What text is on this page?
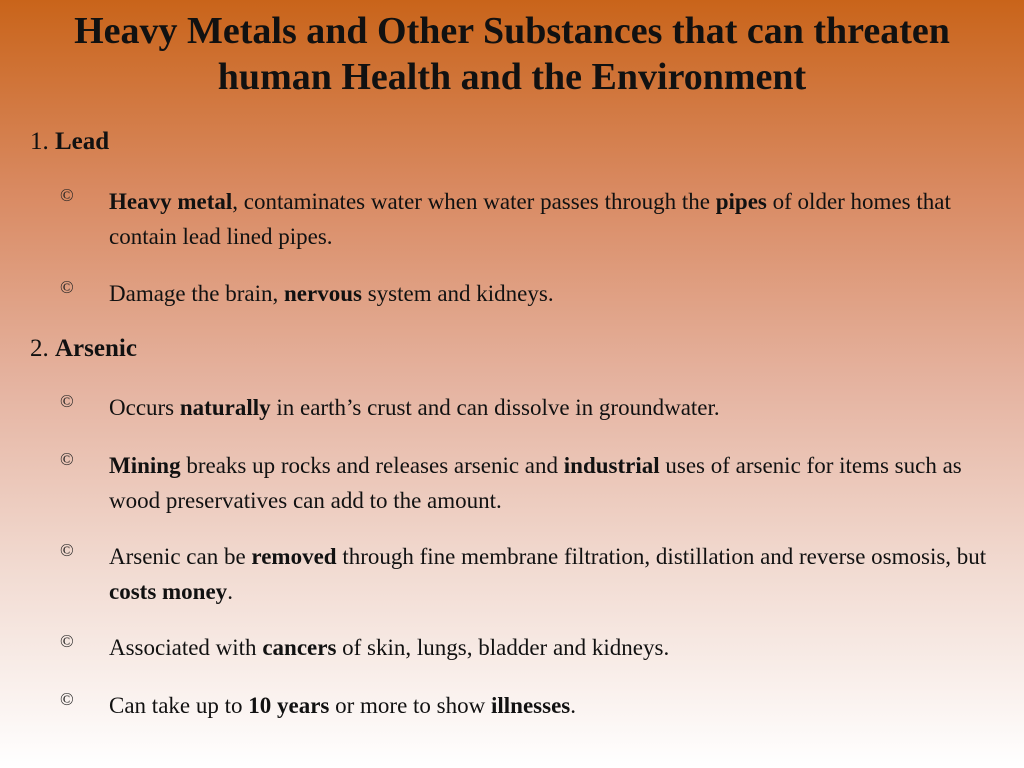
Heavy Metals and Other Substances that can threaten
human Health and the Environment
1. Lead
© Heavy metal, contaminates water when water passes through the pipes of older homes that contain lead lined pipes.
© Damage the brain, nervous system and kidneys.
2. Arsenic
© Occurs naturally in earth’s crust and can dissolve in groundwater.
© Mining breaks up rocks and releases arsenic and industrial uses of arsenic for items such as wood preservatives can add to the amount.
© Arsenic can be removed through fine membrane filtration, distillation and reverse osmosis, but costs money.
© Associated with cancers of skin, lungs, bladder and kidneys.
© Can take up to 10 years or more to show illnesses.
